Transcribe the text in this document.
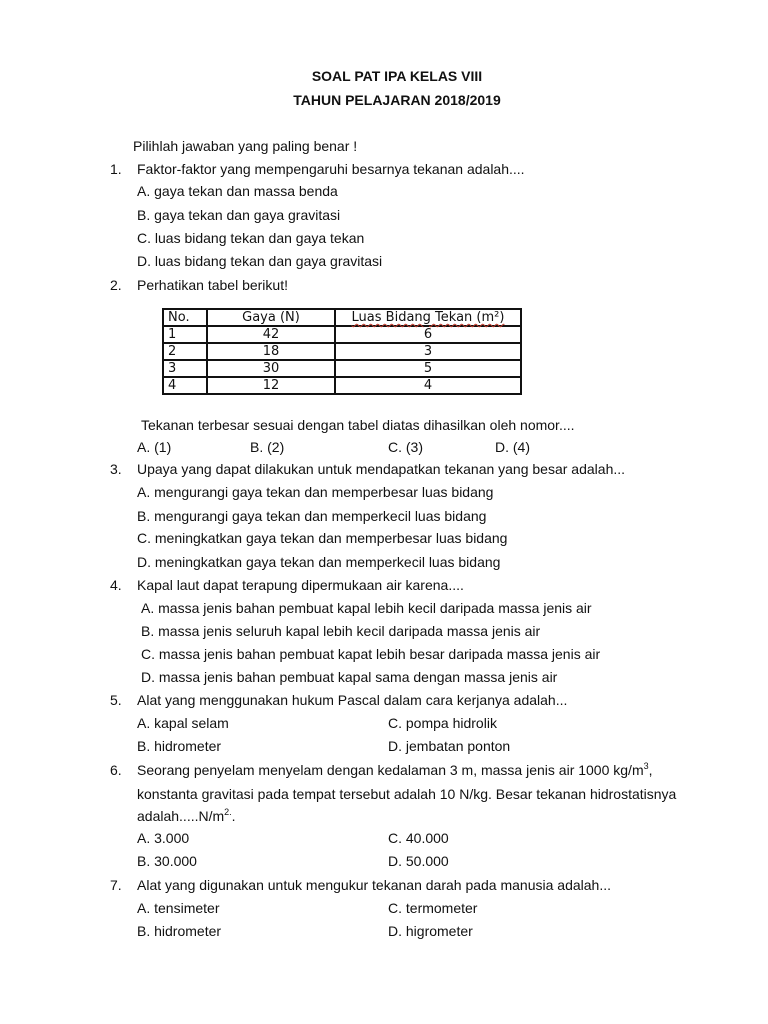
SOAL PAT IPA KELAS VIII
TAHUN PELAJARAN 2018/2019
Pilihlah jawaban yang paling benar !
1. Faktor-faktor yang mempengaruhi besarnya tekanan adalah....
A. gaya tekan dan massa benda
B. gaya tekan dan gaya gravitasi
C. luas bidang tekan dan gaya tekan
D. luas bidang tekan dan gaya gravitasi
2. Perhatikan tabel berikut!
No.	Gaya (N)	Luas Bidang Tekan (m²)
1	42	6
2	18	3
3	30	5
4	12	4
Tekanan terbesar sesuai dengan tabel diatas dihasilkan oleh nomor....
A. (1)	B. (2)	C. (3)	D. (4)
3. Upaya yang dapat dilakukan untuk mendapatkan tekanan yang besar adalah...
A. mengurangi gaya tekan dan memperbesar luas bidang
B. mengurangi gaya tekan dan memperkecil luas bidang
C. meningkatkan gaya tekan dan memperbesar luas bidang
D. meningkatkan gaya tekan dan memperkecil luas bidang
4. Kapal laut dapat terapung dipermukaan air karena....
A. massa jenis bahan pembuat kapal lebih kecil daripada massa jenis air
B. massa jenis seluruh kapal lebih kecil daripada massa jenis air
C. massa jenis bahan pembuat kapat lebih besar daripada massa jenis air
D. massa jenis bahan pembuat kapal sama dengan massa jenis air
5. Alat yang menggunakan hukum Pascal dalam cara kerjanya adalah...
A. kapal selam	C. pompa hidrolik
B. hidrometer	D. jembatan ponton
6. Seorang penyelam menyelam dengan kedalaman 3 m, massa jenis air 1000 $kg/m^3$,
konstanta gravitasi pada tempat tersebut adalah 10 N/kg. Besar tekanan hidrostatisnya
$adalah.....N/m^{2.}$.
A. 3.000	C. 40.000
B. 30.000	D. 50.000
7. Alat yang digunakan untuk mengukur tekanan darah pada manusia adalah...
A. tensimeter	C. termometer
B. hidrometer	D. higrometer
